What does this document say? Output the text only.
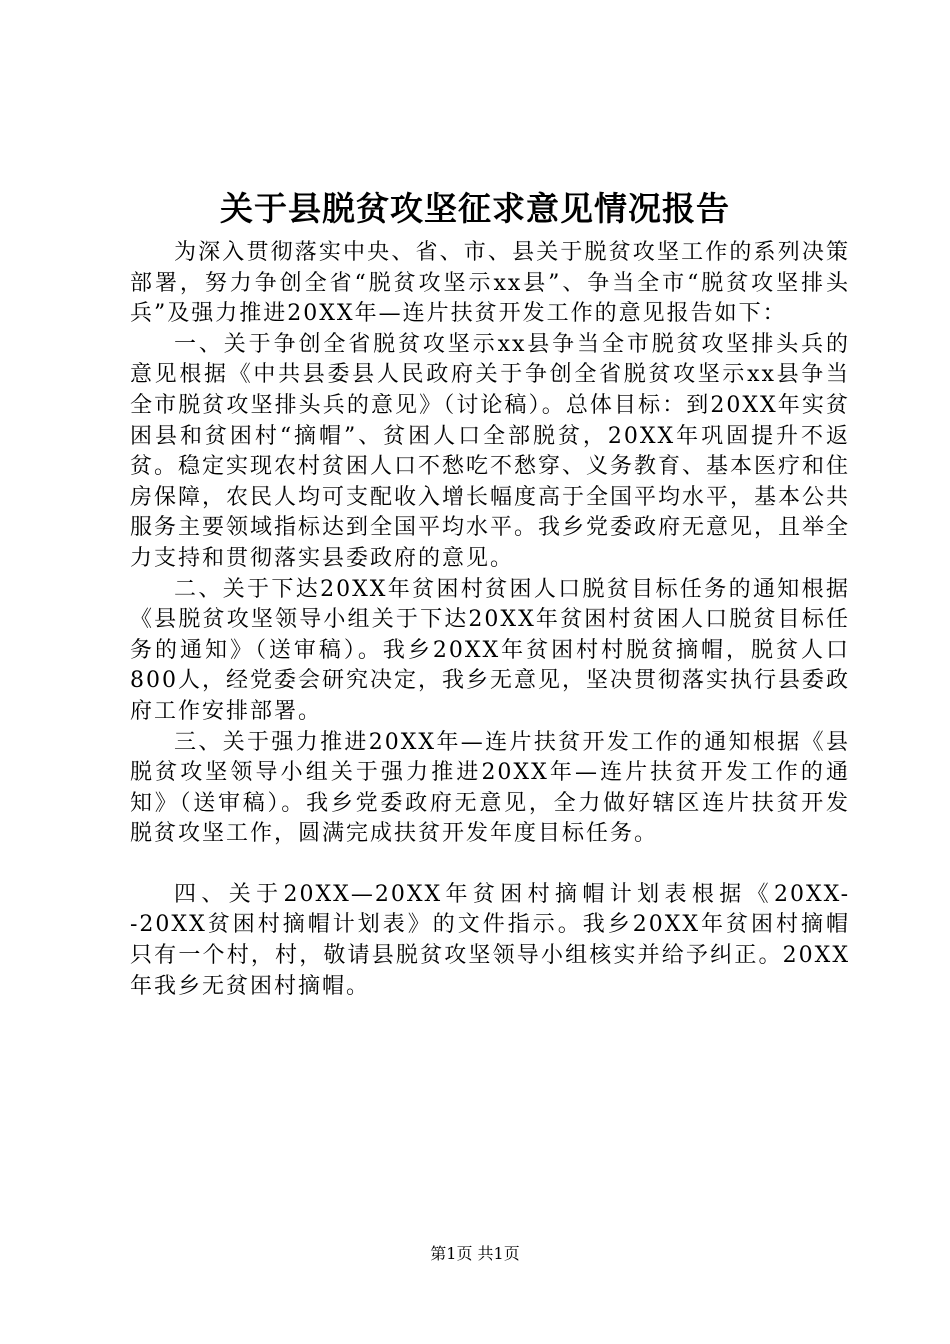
关于县脱贫攻坚征求意见情况报告

为深入贯彻落实中央、省、市、县关于脱贫攻坚工作的系列决策部署，努力争创全省“脱贫攻坚示xx县”、争当全市“脱贫攻坚排头兵”及强力推进20XX年—连片扶贫开发工作的意见报告如下：

一、关于争创全省脱贫攻坚示xx县争当全市脱贫攻坚排头兵的意见根据《中共县委县人民政府关于争创全省脱贫攻坚示xx县争当全市脱贫攻坚排头兵的意见》（讨论稿）。总体目标：到20XX年实贫困县和贫困村“摘帽”、贫困人口全部脱贫，20XX年巩固提升不返贫。稳定实现农村贫困人口不愁吃不愁穿、义务教育、基本医疗和住房保障，农民人均可支配收入增长幅度高于全国平均水平，基本公共服务主要领域指标达到全国平均水平。我乡党委政府无意见，且举全力支持和贯彻落实县委政府的意见。

二、关于下达20XX年贫困村贫困人口脱贫目标任务的通知根据《县脱贫攻坚领导小组关于下达20XX年贫困村贫困人口脱贫目标任务的通知》（送审稿）。我乡20XX年贫困村村脱贫摘帽，脱贫人口800人，经党委会研究决定，我乡无意见，坚决贯彻落实执行县委政府工作安排部署。

三、关于强力推进20XX年—连片扶贫开发工作的通知根据《县脱贫攻坚领导小组关于强力推进20XX年—连片扶贫开发工作的通知》（送审稿）。我乡党委政府无意见，全力做好辖区连片扶贫开发脱贫攻坚工作，圆满完成扶贫开发年度目标任务。

四、关于20XX—20XX年贫困村摘帽计划表根据《20XX--20XX贫困村摘帽计划表》的文件指示。我乡20XX年贫困村摘帽只有一个村，村，敬请县脱贫攻坚领导小组核实并给予纠正。20XX年我乡无贫困村摘帽。

第1页 共1页
